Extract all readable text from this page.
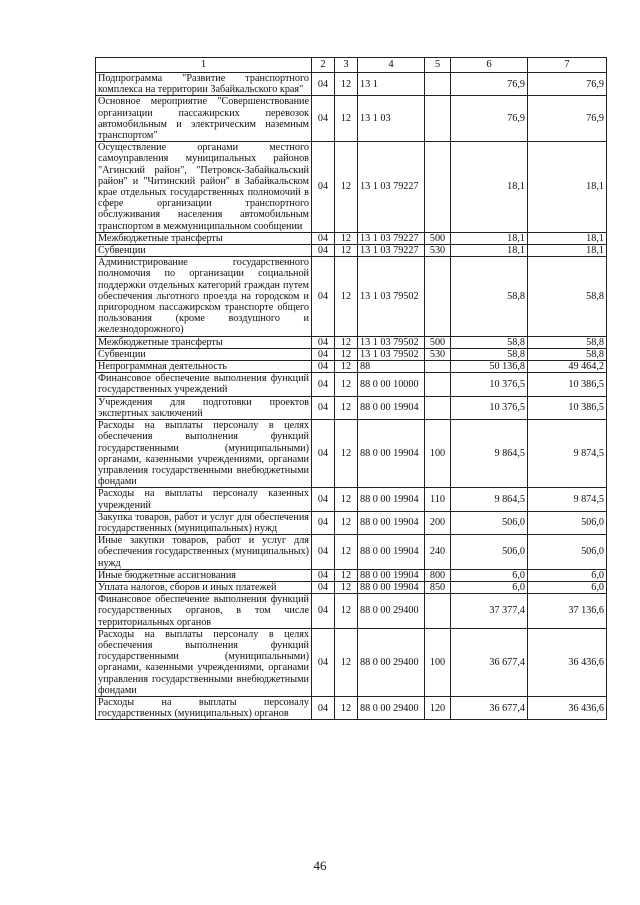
1	2	3	4	5	6	7
Подпрограмма "Развитие транспортного комплекса на территории Забайкальского края"	04	12	13 1		76,9	76,9
Основное мероприятие "Совершенствование организации пассажирских перевозок автомобильным и электрическим наземным транспортом"	04	12	13 1 03		76,9	76,9
Осуществление органами местного самоуправления муниципальных районов "Агинский район", "Петровск-Забайкальский район" и "Читинский район" в Забайкальском крае отдельных государственных полномочий в сфере организации транспортного обслуживания населения автомобильным транспортом в межмуниципальном сообщении	04	12	13 1 03 79227		18,1	18,1
Межбюджетные трансферты	04	12	13 1 03 79227	500	18,1	18,1
Субвенции	04	12	13 1 03 79227	530	18,1	18,1
Администрирование государственного полномочия по организации социальной поддержки отдельных категорий граждан путем обеспечения льготного проезда на городском и пригородном пассажирском транспорте общего пользования (кроме воздушного и железнодорожного)	04	12	13 1 03 79502		58,8	58,8
Межбюджетные трансферты	04	12	13 1 03 79502	500	58,8	58,8
Субвенции	04	12	13 1 03 79502	530	58,8	58,8
Непрограммная деятельность	04	12	88		50 136,8	49 464,2
Финансовое обеспечение выполнения функций государственных учреждений	04	12	88 0 00 10000		10 376,5	10 386,5
Учреждения для подготовки проектов экспертных заключений	04	12	88 0 00 19904		10 376,5	10 386,5
Расходы на выплаты персоналу в целях обеспечения выполнения функций государственными (муниципальными) органами, казенными учреждениями, органами управления государственными внебюджетными фондами	04	12	88 0 00 19904	100	9 864,5	9 874,5
Расходы на выплаты персоналу казенных учреждений	04	12	88 0 00 19904	110	9 864,5	9 874,5
Закупка товаров, работ и услуг для обеспечения государственных (муниципальных) нужд	04	12	88 0 00 19904	200	506,0	506,0
Иные закупки товаров, работ и услуг для обеспечения государственных (муниципальных) нужд	04	12	88 0 00 19904	240	506,0	506,0
Иные бюджетные ассигнования	04	12	88 0 00 19904	800	6,0	6,0
Уплата налогов, сборов и иных платежей	04	12	88 0 00 19904	850	6,0	6,0
Финансовое обеспечение выполнения функций государственных органов, в том числе территориальных органов	04	12	88 0 00 29400		37 377,4	37 136,6
Расходы на выплаты персоналу в целях обеспечения выполнения функций государственными (муниципальными) органами, казенными учреждениями, органами управления государственными внебюджетными фондами	04	12	88 0 00 29400	100	36 677,4	36 436,6
Расходы на выплаты персоналу государственных (муниципальных) органов	04	12	88 0 00 29400	120	36 677,4	36 436,6
46
